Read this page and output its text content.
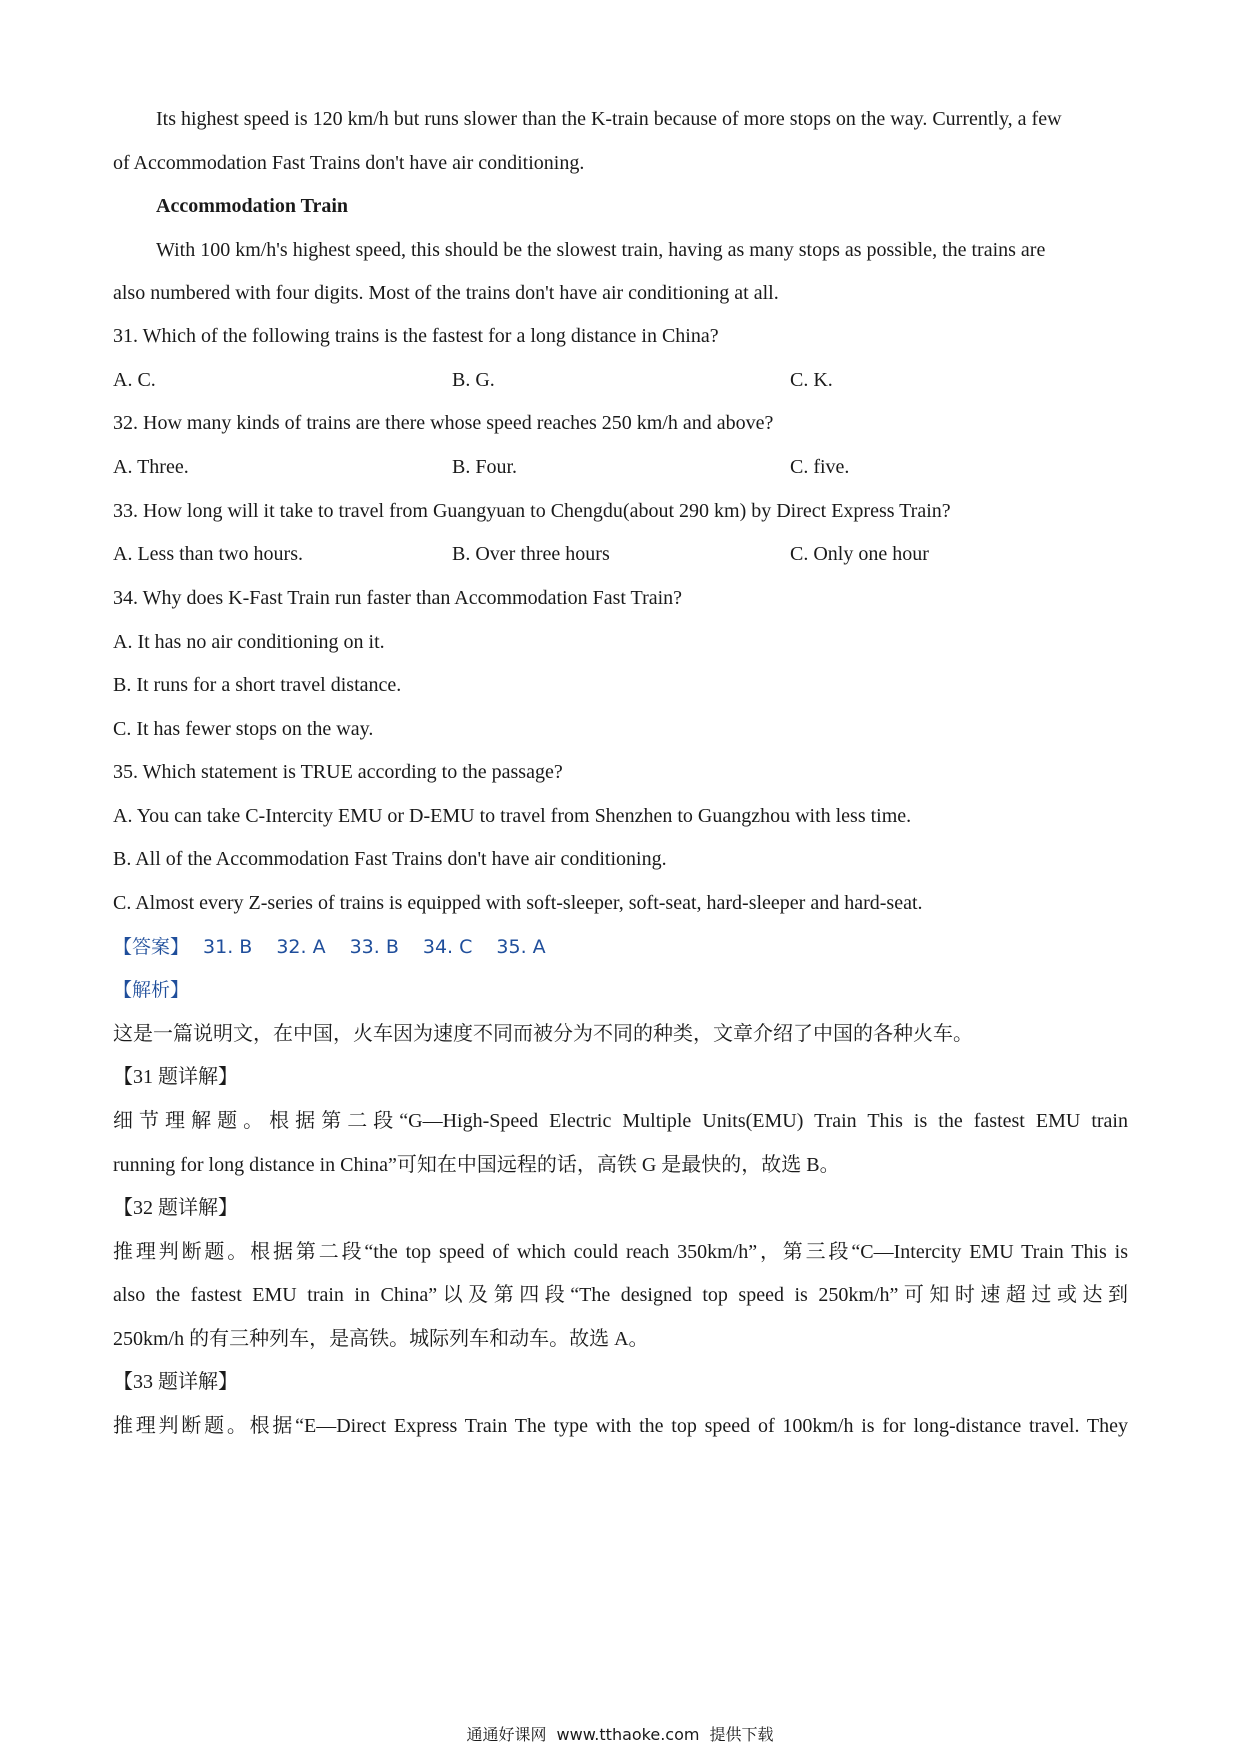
Its highest speed is 120 km/h but runs slower than the K-train because of more stops on the way. Currently, a few
of Accommodation Fast Trains don't have air conditioning.
Accommodation Train
With 100 km/h's highest speed, this should be the slowest train, having as many stops as possible, the trains are
also numbered with four digits. Most of the trains don't have air conditioning at all.
31. Which of the following trains is the fastest for a long distance in China?
A. C.	B. G.	C. K.
32. How many kinds of trains are there whose speed reaches 250 km/h and above?
A. Three.	B. Four.	C. five.
33. How long will it take to travel from Guangyuan to Chengdu(about 290 km) by Direct Express Train?
A. Less than two hours.	B. Over three hours	C. Only one hour
34. Why does K-Fast Train run faster than Accommodation Fast Train?
A. It has no air conditioning on it.
B. It runs for a short travel distance.
C. It has fewer stops on the way.
35. Which statement is TRUE according to the passage?
A. You can take C-Intercity EMU or D-EMU to travel from Shenzhen to Guangzhou with less time.
B. All of the Accommodation Fast Trains don't have air conditioning.
C. Almost every Z-series of trains is equipped with soft-sleeper, soft-seat, hard-sleeper and hard-seat.
【答案】 31. B 32. A 33. B 34. C 35. A
【解析】
这是一篇说明文，在中国，火车因为速度不同而被分为不同的种类，文章介绍了中国的各种火车。
【31 题详解】
细节理解题。根据第二段“G—High-Speed Electric Multiple Units(EMU) Train This is the fastest EMU train
running for long distance in China”可知在中国远程的话，高铁 G 是最快的，故选 B。
【32 题详解】
推理判断题。根据第二段“the top speed of which could reach 350km/h”，第三段“C—Intercity EMU Train This is
also the fastest EMU train in China”以及第四段“The designed top speed is 250km/h”可知时速超过或达到
250km/h 的有三种列车，是高铁。城际列车和动车。故选 A。
【33 题详解】
推理判断题。根据“E—Direct Express Train The type with the top speed of 100km/h is for long-distance travel. They
通通好课网 www.tthaoke.com 提供下载
